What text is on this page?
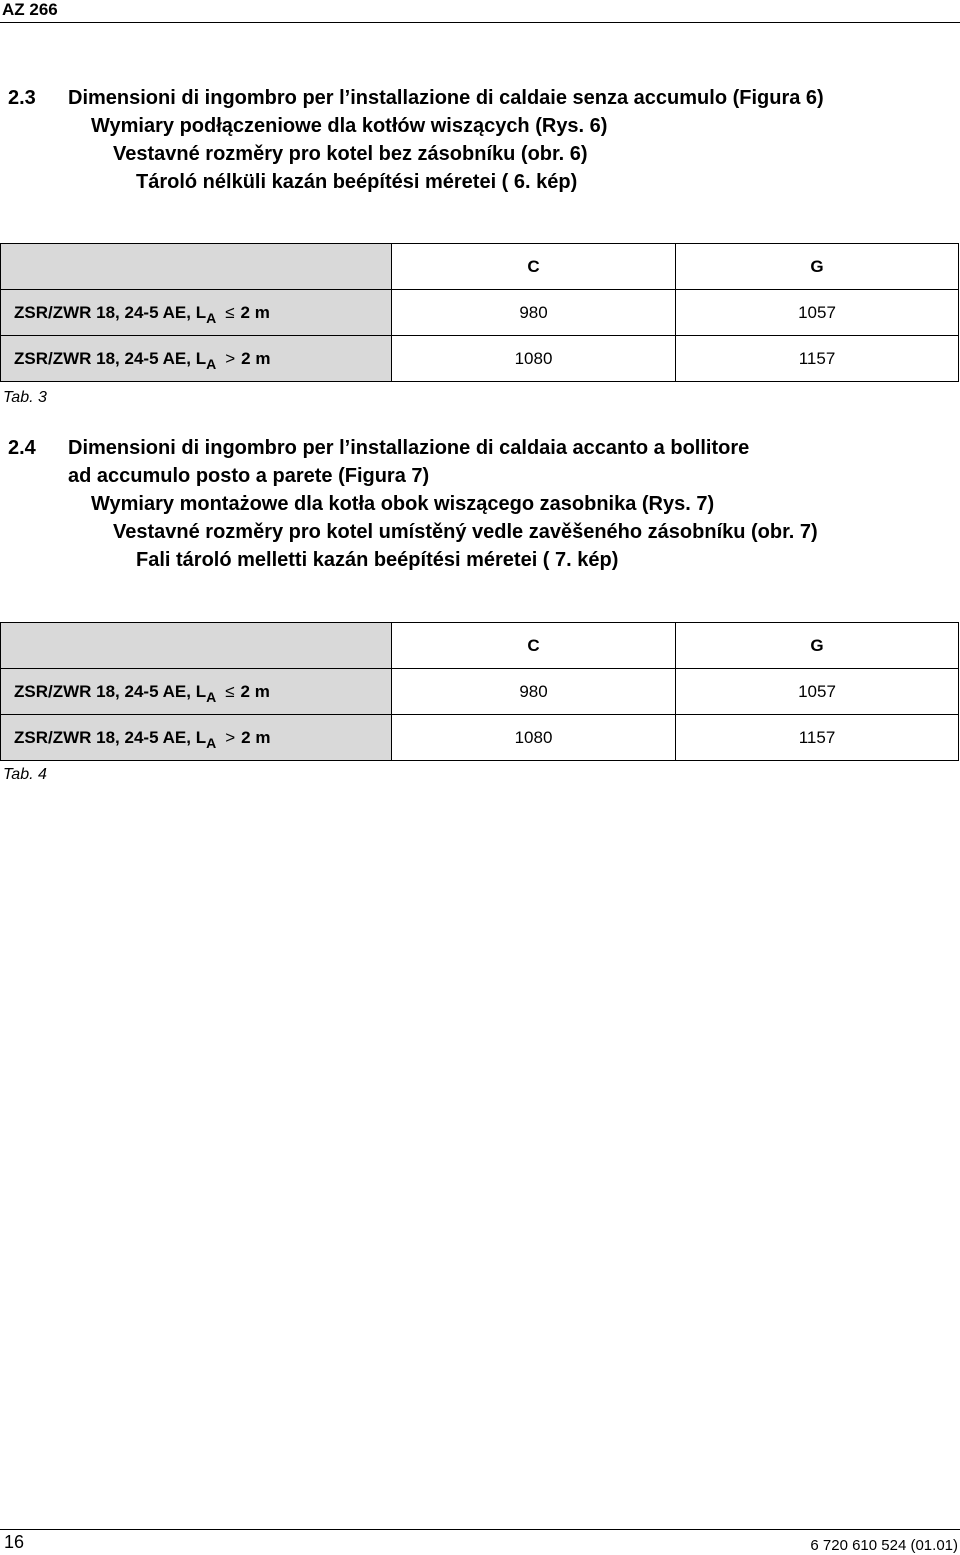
AZ 266
2.3 Dimensioni di ingombro per l’installazione di caldaie senza accumulo (Figura 6)
Wymiary podłączeniowe dla kotłów wiszących (Rys. 6)
Vestavné rozměry pro kotel bez zásobníku (obr. 6)
Tároló nélküli kazán beépítési méretei ( 6. kép)
	C	G
ZSR/ZWR 18, 24-5 AE, $L_A \le 2$ m	980	1057
ZSR/ZWR 18, 24-5 AE, $L_A > 2$ m	1080	1157
Tab. 3
2.4 Dimensioni di ingombro per l’installazione di caldaia accanto a bollitore
ad accumulo posto a parete (Figura 7)
Wymiary montażowe dla kotła obok wiszącego zasobnika (Rys. 7)
Vestavné rozměry pro kotel umístěný vedle zavěšeného zásobníku (obr. 7)
Fali tároló melletti kazán beépítési méretei ( 7. kép)
	C	G
ZSR/ZWR 18, 24-5 AE, $L_A \le 2$ m	980	1057
ZSR/ZWR 18, 24-5 AE, $L_A > 2$ m	1080	1157
Tab. 4
16	6 720 610 524 (01.01)
